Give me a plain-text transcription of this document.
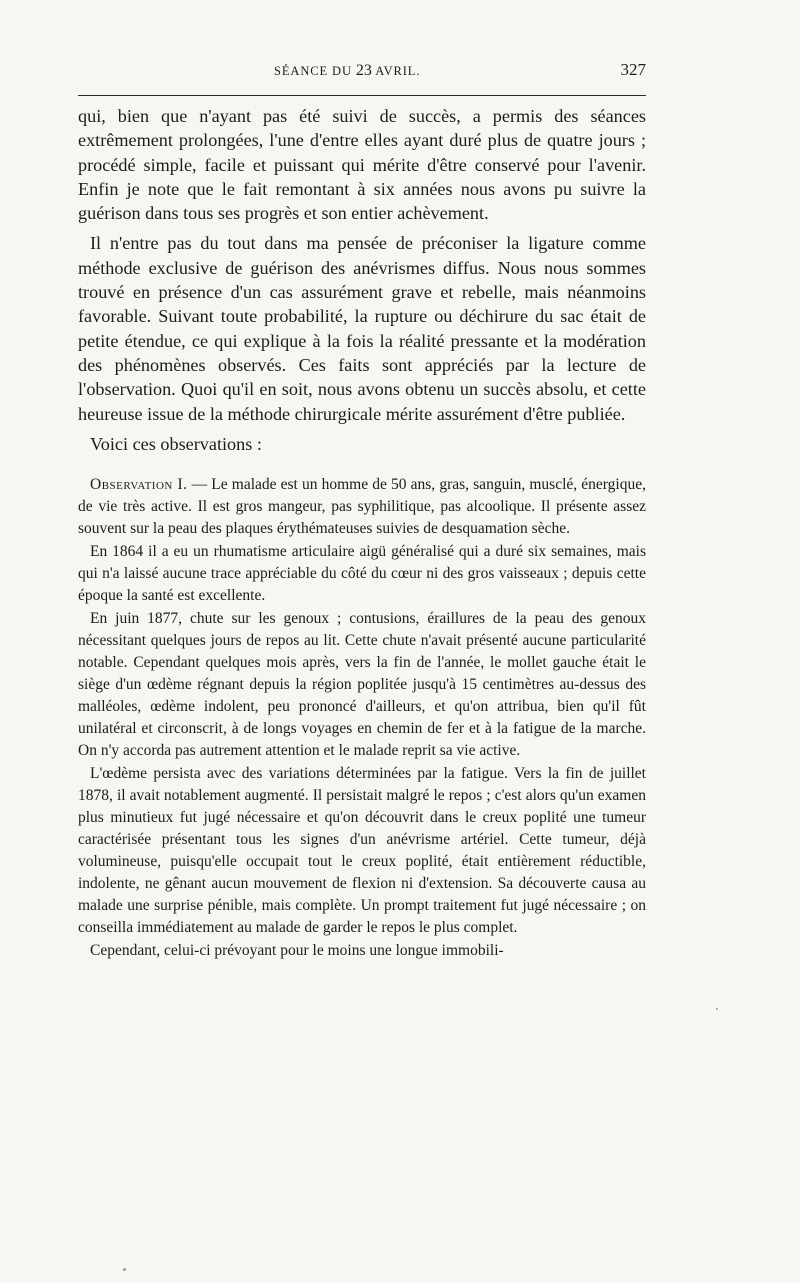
SÉANCE DU 23 AVRIL.	327

qui, bien que n'ayant pas été suivi de succès, a permis des séances extrêmement prolongées, l'une d'entre elles ayant duré plus de quatre jours ; procédé simple, facile et puissant qui mérite d'être conservé pour l'avenir. Enfin je note que le fait remontant à six années nous avons pu suivre la guérison dans tous ses progrès et son entier achèvement.

Il n'entre pas du tout dans ma pensée de préconiser la ligature comme méthode exclusive de guérison des anévrismes diffus. Nous nous sommes trouvé en présence d'un cas assurément grave et rebelle, mais néanmoins favorable. Suivant toute probabilité, la rupture ou déchirure du sac était de petite étendue, ce qui explique à la fois la réalité pressante et la modération des phénomènes observés. Ces faits sont appréciés par la lecture de l'observation. Quoi qu'il en soit, nous avons obtenu un succès absolu, et cette heureuse issue de la méthode chirurgicale mérite assurément d'être publiée.

Voici ces observations :

Observation I. — Le malade est un homme de 50 ans, gras, sanguin, musclé, énergique, de vie très active. Il est gros mangeur, pas syphilitique, pas alcoolique. Il présente assez souvent sur la peau des plaques érythémateuses suivies de desquamation sèche.

En 1864 il a eu un rhumatisme articulaire aigü généralisé qui a duré six semaines, mais qui n'a laissé aucune trace appréciable du côté du cœur ni des gros vaisseaux ; depuis cette époque la santé est excellente.

En juin 1877, chute sur les genoux ; contusions, éraillures de la peau des genoux nécessitant quelques jours de repos au lit. Cette chute n'avait présenté aucune particularité notable. Cependant quelques mois après, vers la fin de l'année, le mollet gauche était le siège d'un œdème régnant depuis la région poplitée jusqu'à 15 centimètres au-dessus des malléoles, œdème indolent, peu prononcé d'ailleurs, et qu'on attribua, bien qu'il fût unilatéral et circonscrit, à de longs voyages en chemin de fer et à la fatigue de la marche. On n'y accorda pas autrement attention et le malade reprit sa vie active.

L'œdème persista avec des variations déterminées par la fatigue. Vers la fin de juillet 1878, il avait notablement augmenté. Il persistait malgré le repos ; c'est alors qu'un examen plus minutieux fut jugé nécessaire et qu'on découvrit dans le creux poplité une tumeur caractérisée présentant tous les signes d'un anévrisme artériel. Cette tumeur, déjà volumineuse, puisqu'elle occupait tout le creux poplité, était entièrement réductible, indolente, ne gênant aucun mouvement de flexion ni d'extension. Sa découverte causa au malade une surprise pénible, mais complète. Un prompt traitement fut jugé nécessaire ; on conseilla immédiatement au malade de garder le repos le plus complet.

Cependant, celui-ci prévoyant pour le moins une longue immobili-
